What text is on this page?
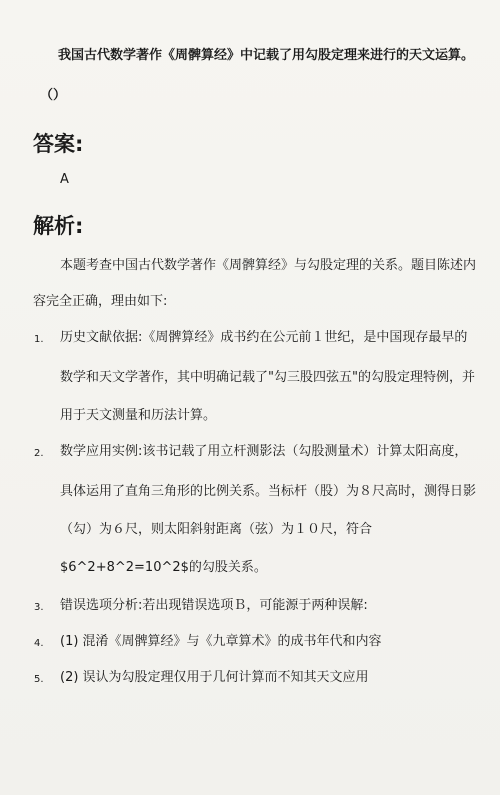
我国古代数学著作《周髀算经》中记载了用勾股定理来进行的天文运算。
（）
答案:
A
解析:
本题考查中国古代数学著作《周髀算经》与勾股定理的关系。题目陈述内
容完全正确，理由如下:
1. 历史文献依据:《周髀算经》成书约在公元前１世纪，是中国现存最早的
数学和天文学著作，其中明确记载了"勾三股四弦五"的勾股定理特例，并
用于天文测量和历法计算。
2. 数学应用实例:该书记载了用立杆测影法（勾股测量术）计算太阳高度，
具体运用了直角三角形的比例关系。当标杆（股）为８尺高时，测得日影
（勾）为６尺，则太阳斜射距离（弦）为１０尺，符合
$6^2+8^2=10^2$的勾股关系。
3. 错误选项分析:若出现错误选项Ｂ，可能源于两种误解:
4. (1) 混淆《周髀算经》与《九章算术》的成书年代和内容
5. (2) 误认为勾股定理仅用于几何计算而不知其天文应用
